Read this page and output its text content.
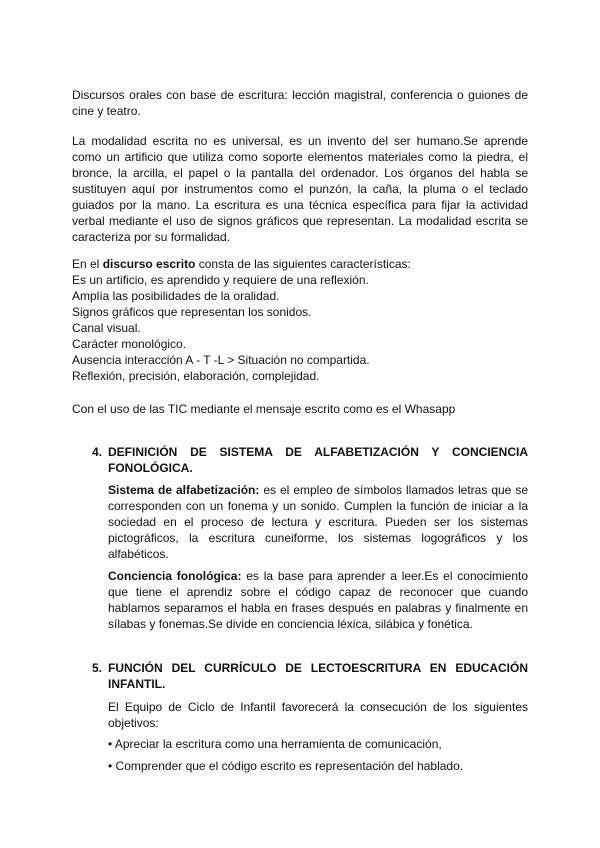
Discursos orales con base de escritura: lección magistral, conferencia o guiones de cine y teatro.

La modalidad escrita no es universal, es un invento del ser humano.Se aprende como un artificio que utiliza como soporte elementos materiales como la piedra, el bronce, la arcilla, el papel o la pantalla del ordenador. Los órganos del habla se sustituyen aquí por instrumentos como el punzón, la caña, la pluma o el teclado guiados por la mano. La escritura es una técnica específica para fijar la actividad verbal mediante el uso de signos gráficos que representan. La modalidad escrita se caracteriza por su formalidad.

En el discurso escrito consta de las siguientes características:

Es un artificio, es aprendido y requiere de una reflexión.

Amplía las posibilidades de la oralidad.

Signos gráficos que representan los sonidos.

Canal visual.

Carácter monológico.

Ausencia interacción A - T -L > Situación no compartida.

Reflexión, precisión, elaboración, complejidad.

Con el uso de las TIC mediante el mensaje escrito como es el Whasapp

4. DEFINICIÓN DE SISTEMA DE ALFABETIZACIÓN Y CONCIENCIA FONOLÓGICA.

Sistema de alfabetización: es el empleo de símbolos llamados letras que se corresponden con un fonema y un sonido. Cumplen la función de iniciar a la sociedad en el proceso de lectura y escritura. Pueden ser los sistemas pictográficos, la escritura cuneiforme, los sistemas logográficos y los alfabéticos.

Conciencia fonológica: es la base para aprender a leer.Es el conocimiento que tiene el aprendiz sobre el código capaz de reconocer que cuando hablamos separamos el habla en frases después en palabras y finalmente en sílabas y fonemas.Se divide en conciencia léxica, silábica y fonética.

5. FUNCIÓN DEL CURRÍCULO DE LECTOESCRITURA EN EDUCACIÓN INFANTIL.

El Equipo de Ciclo de Infantil favorecerá la consecución de los siguientes objetivos:

• Apreciar la escritura como una herramienta de comunicación,

• Comprender que el código escrito es representación del hablado.
